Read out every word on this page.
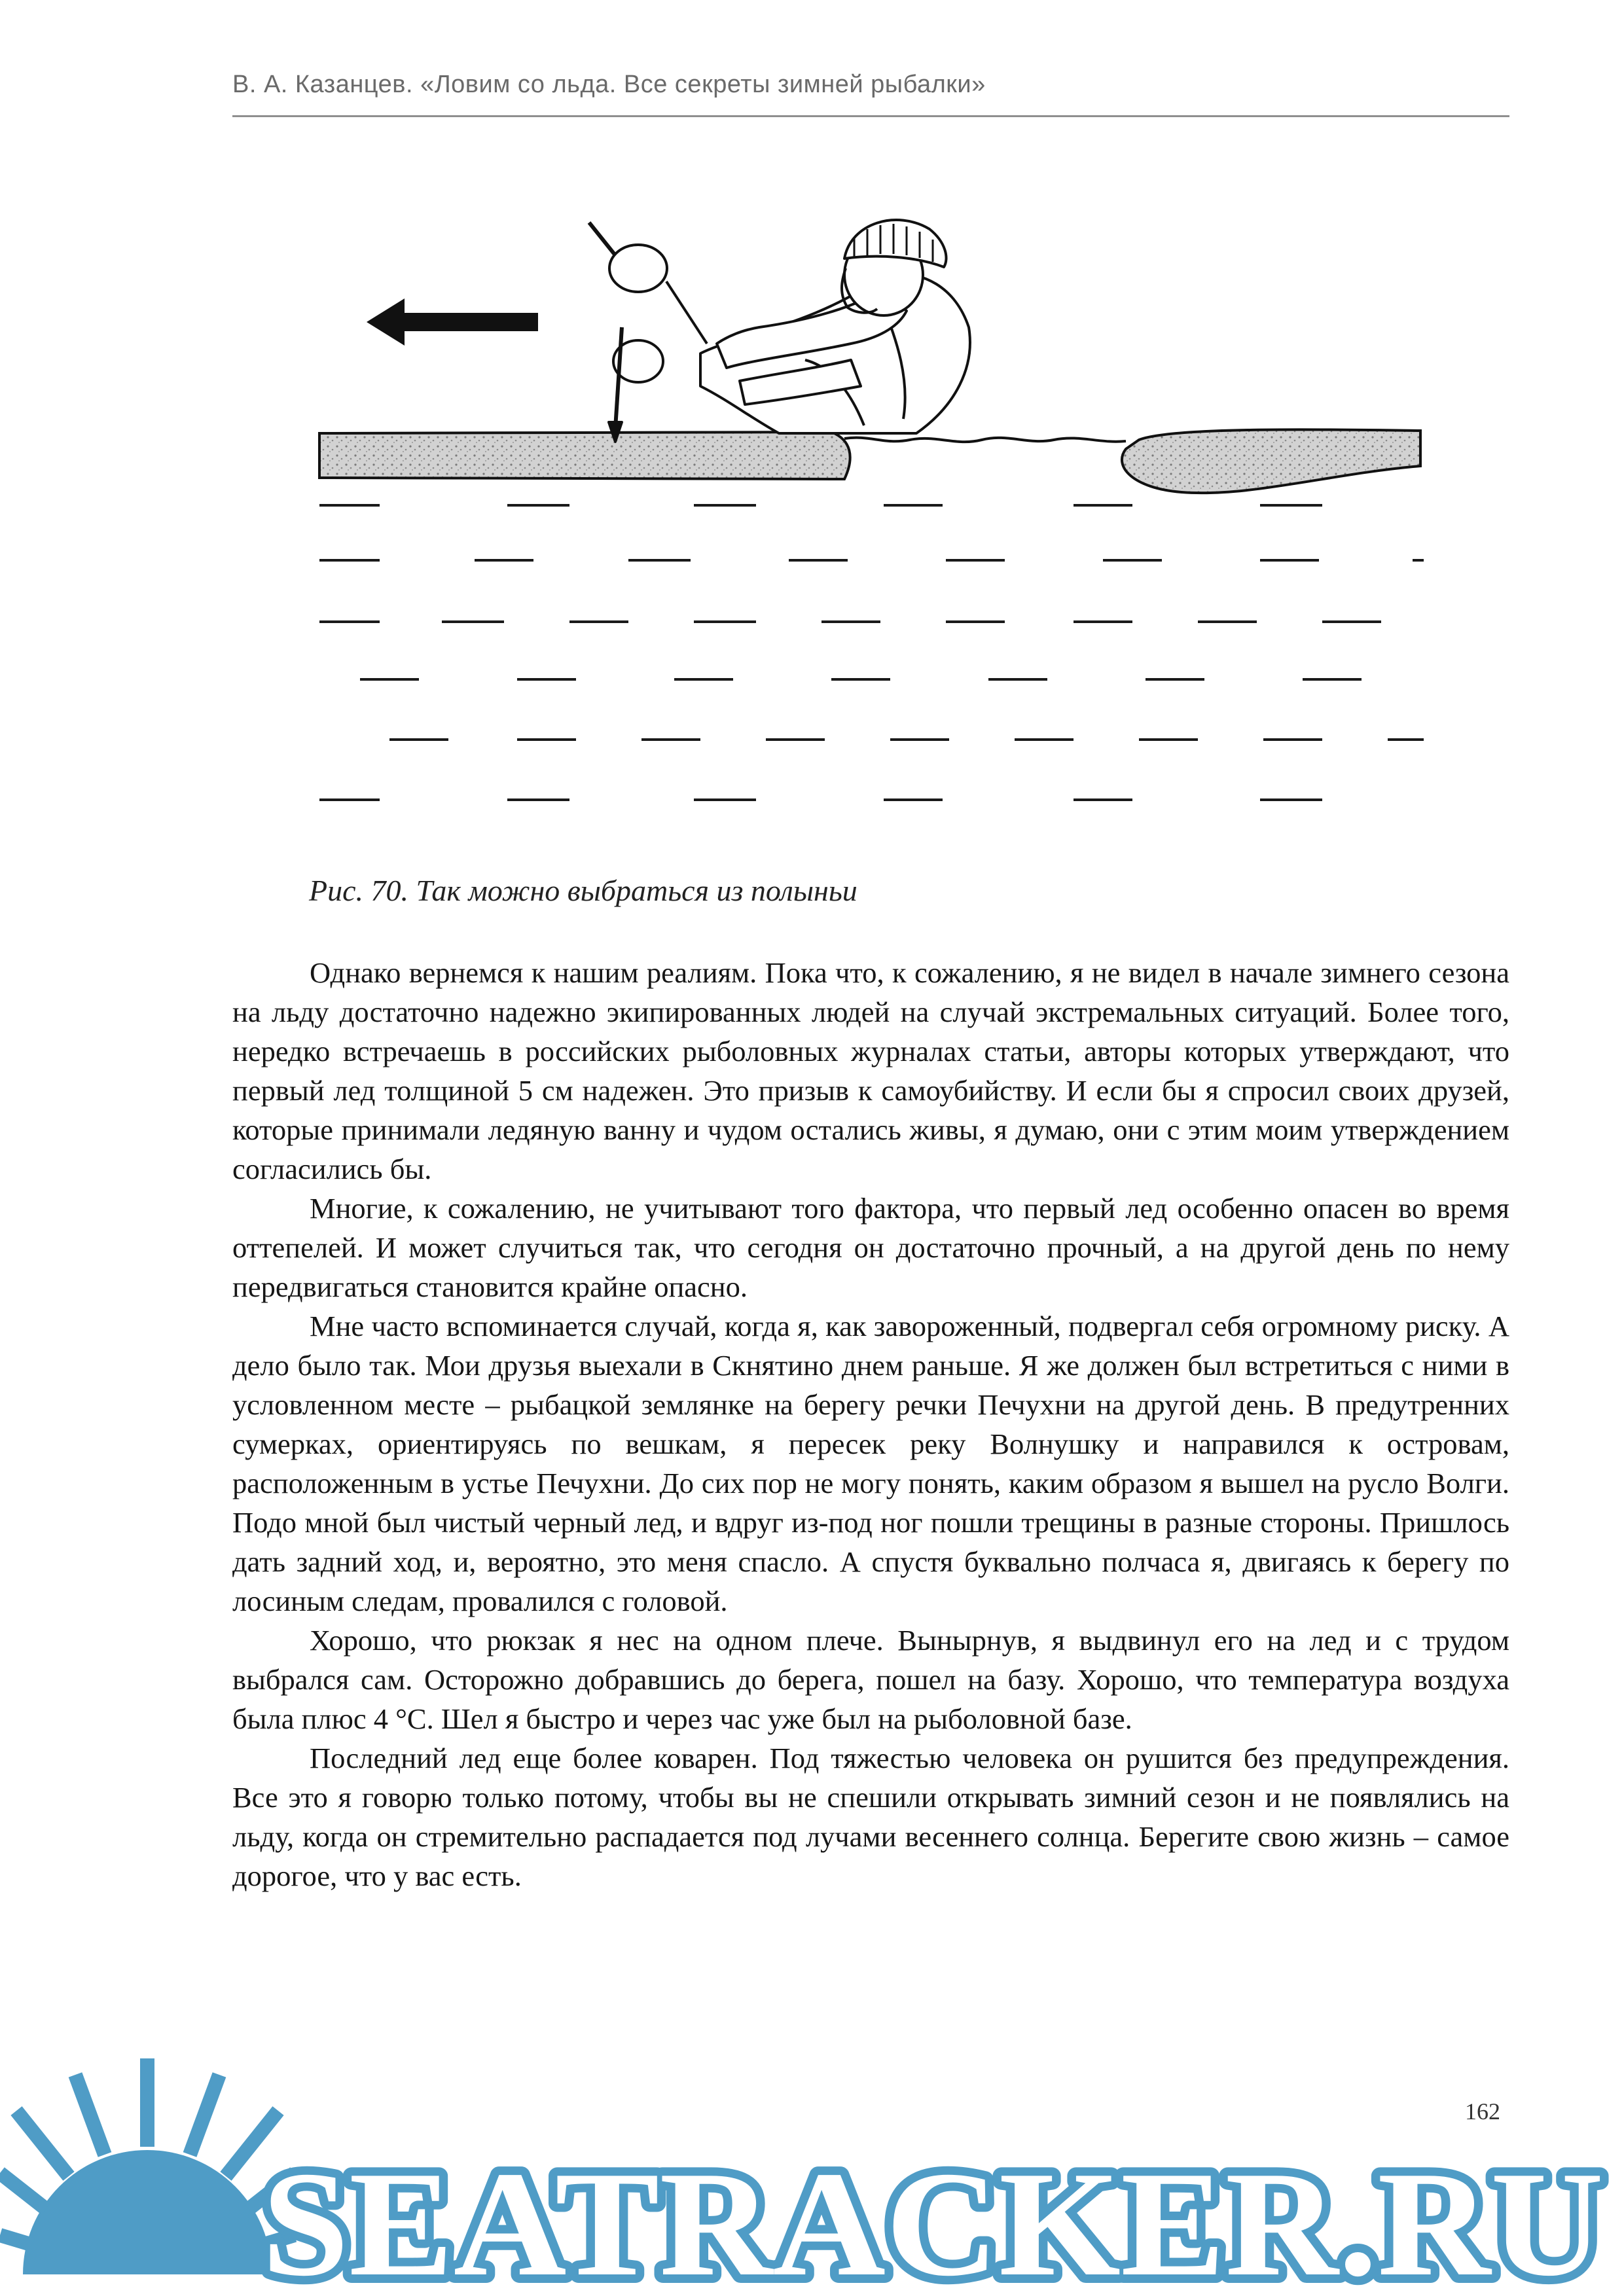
В. А. Казанцев. «Ловим со льда. Все секреты зимней рыбалки»
Рис. 70. Так можно выбраться из полыньи

Однако вернемся к нашим реалиям. Пока что, к сожалению, я не видел в начале зимнего сезона на льду достаточно надежно экипированных людей на случай экстремальных ситуаций. Более того, нередко встречаешь в российских рыболовных журналах статьи, авторы которых утверждают, что первый лед толщиной 5 см надежен. Это призыв к самоубийству. И если бы я спросил своих друзей, которые принимали ледяную ванну и чудом остались живы, я думаю, они с этим моим утверждением согласились бы.

Многие, к сожалению, не учитывают того фактора, что первый лед особенно опасен во время оттепелей. И может случиться так, что сегодня он достаточно прочный, а на другой день по нему передвигаться становится крайне опасно.

Мне часто вспоминается случай, когда я, как завороженный, подвергал себя огромному риску. А дело было так. Мои друзья выехали в Скнятино днем раньше. Я же должен был встретиться с ними в условленном месте – рыбацкой землянке на берегу речки Печухни на другой день. В предутренних сумерках, ориентируясь по вешкам, я пересек реку Волнушку и направился к островам, расположенным в устье Печухни. До сих пор не могу понять, каким образом я вышел на русло Волги. Подо мной был чистый черный лед, и вдруг из-под ног пошли трещины в разные стороны. Пришлось дать задний ход, и, вероятно, это меня спасло. А спустя буквально полчаса я, двигаясь к берегу по лосиным следам, провалился с головой.

Хорошо, что рюкзак я нес на одном плече. Вынырнув, я выдвинул его на лед и с трудом выбрался сам. Осторожно добравшись до берега, пошел на базу. Хорошо, что температура воздуха была плюс 4 °С. Шел я быстро и через час уже был на рыболовной базе.

Последний лед еще более коварен. Под тяжестью человека он рушится без предупреждения. Все это я говорю только потому, чтобы вы не спешили открывать зимний сезон и не появлялись на льду, когда он стремительно распадается под лучами весеннего солнца. Берегите свою жизнь – самое дорогое, что у вас есть.

SEATRACKER.RU
162
